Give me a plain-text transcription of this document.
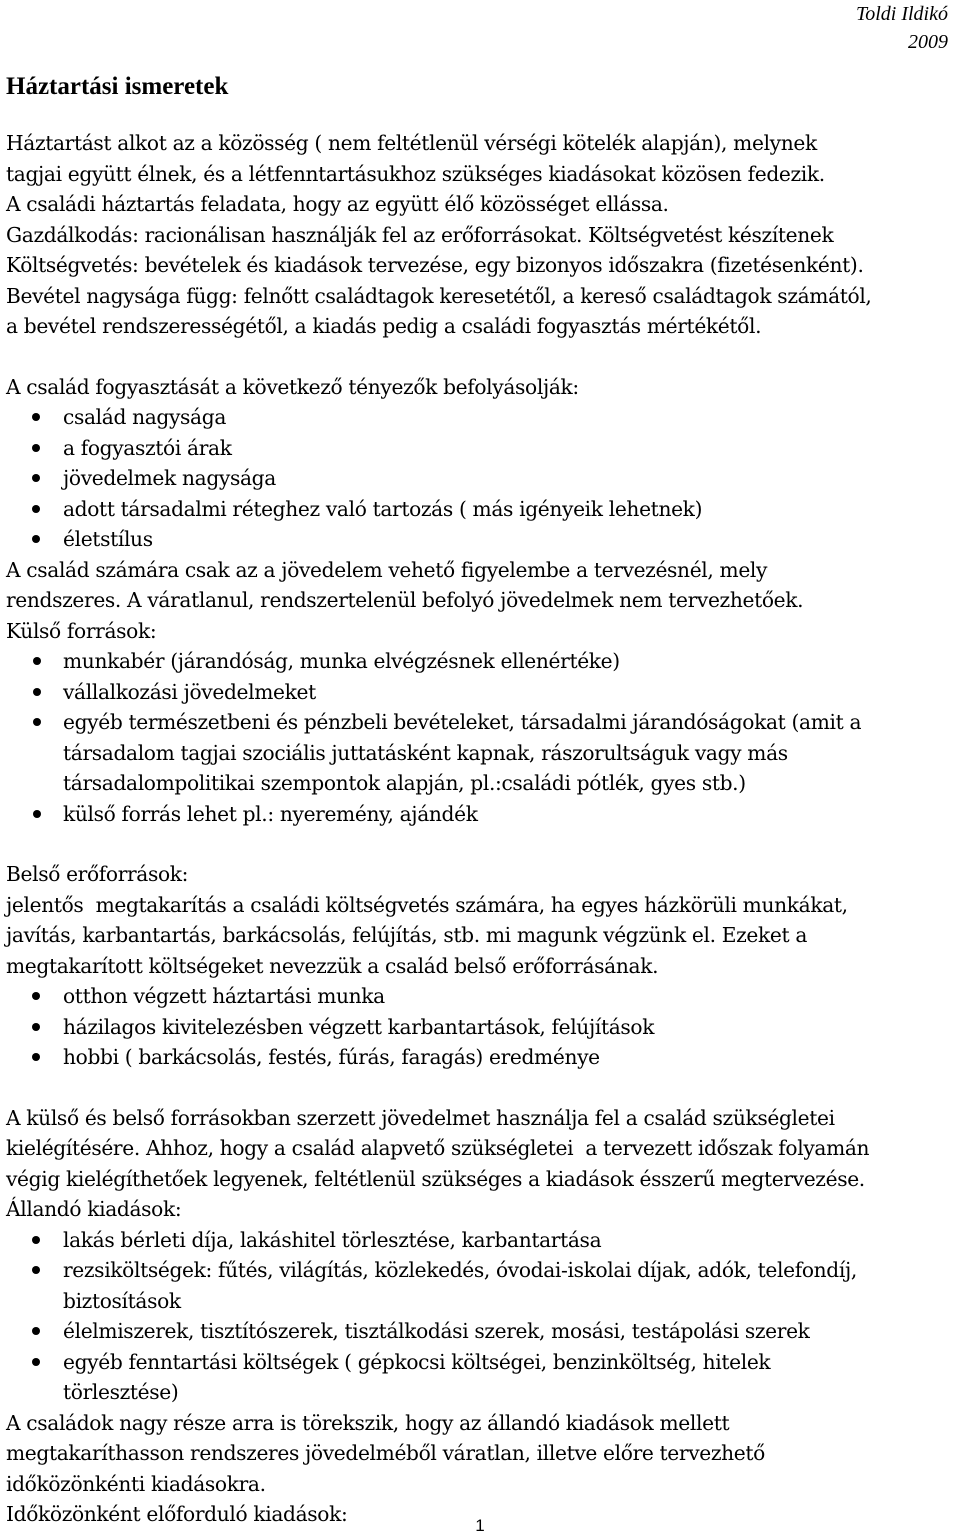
Toldi Ildikó
2009
Háztartási ismeretek

Háztartást alkot az a közösség ( nem feltétlenül vérségi kötelék alapján), melynek
tagjai együtt élnek, és a létfenntartásukhoz szükséges kiadásokat közösen fedezik.
A családi háztartás feladata, hogy az együtt élő közösséget ellássa.
Gazdálkodás: racionálisan használják fel az erőforrásokat. Költségvetést készítenek
Költségvetés: bevételek és kiadások tervezése, egy bizonyos időszakra (fizetésenként).
Bevétel nagysága függ: felnőtt családtagok keresetétől, a kereső családtagok számától,
a bevétel rendszerességétől, a kiadás pedig a családi fogyasztás mértékétől.

A család fogyasztását a következő tényezők befolyásolják:

család nagysága
a fogyasztói árak
jövedelmek nagysága
adott társadalmi réteghez való tartozás ( más igényeik lehetnek)
életstílus

A család számára csak az a jövedelem vehető figyelembe a tervezésnél, mely
rendszeres. A váratlanul, rendszertelenül befolyó jövedelmek nem tervezhetőek.

Külső források:

munkabér (járandóság, munka elvégzésnek ellenértéke)
vállalkozási jövedelmeket
egyéb természetbeni és pénzbeli bevételeket, társadalmi járandóságokat (amit a
társadalom tagjai szociális juttatásként kapnak, rászorultságuk vagy más
társadalompolitikai szempontok alapján, pl.:családi pótlék, gyes stb.)
külső forrás lehet pl.: nyeremény, ajándék

Belső erőforrások:

jelentős  megtakarítás a családi költségvetés számára, ha egyes házkörüli munkákat,
javítás, karbantartás, barkácsolás, felújítás, stb. mi magunk végzünk el. Ezeket a
megtakarított költségeket nevezzük a család belső erőforrásának.

otthon végzett háztartási munka
házilagos kivitelezésben végzett karbantartások, felújítások
hobbi ( barkácsolás, festés, fúrás, faragás) eredménye

A külső és belső forrásokban szerzett jövedelmet használja fel a család szükségletei
kielégítésére. Ahhoz, hogy a család alapvető szükségletei  a tervezett időszak folyamán
végig kielégíthetőek legyenek, feltétlenül szükséges a kiadások ésszerű megtervezése.

Állandó kiadások:

lakás bérleti díja, lakáshitel törlesztése, karbantartása
rezsiköltségek: fűtés, világítás, közlekedés, óvodai-iskolai díjak, adók, telefondíj,
biztosítások
élelmiszerek, tisztítószerek, tisztálkodási szerek, mosási, testápolási szerek
egyéb fenntartási költségek ( gépkocsi költségei, benzinköltség, hitelek
törlesztése)

A családok nagy része arra is törekszik, hogy az állandó kiadások mellett
megtakaríthasson rendszeres jövedelméből váratlan, illetve előre tervezhető
időközönkénti kiadásokra.

Időközönként előforduló kiadások:	1
